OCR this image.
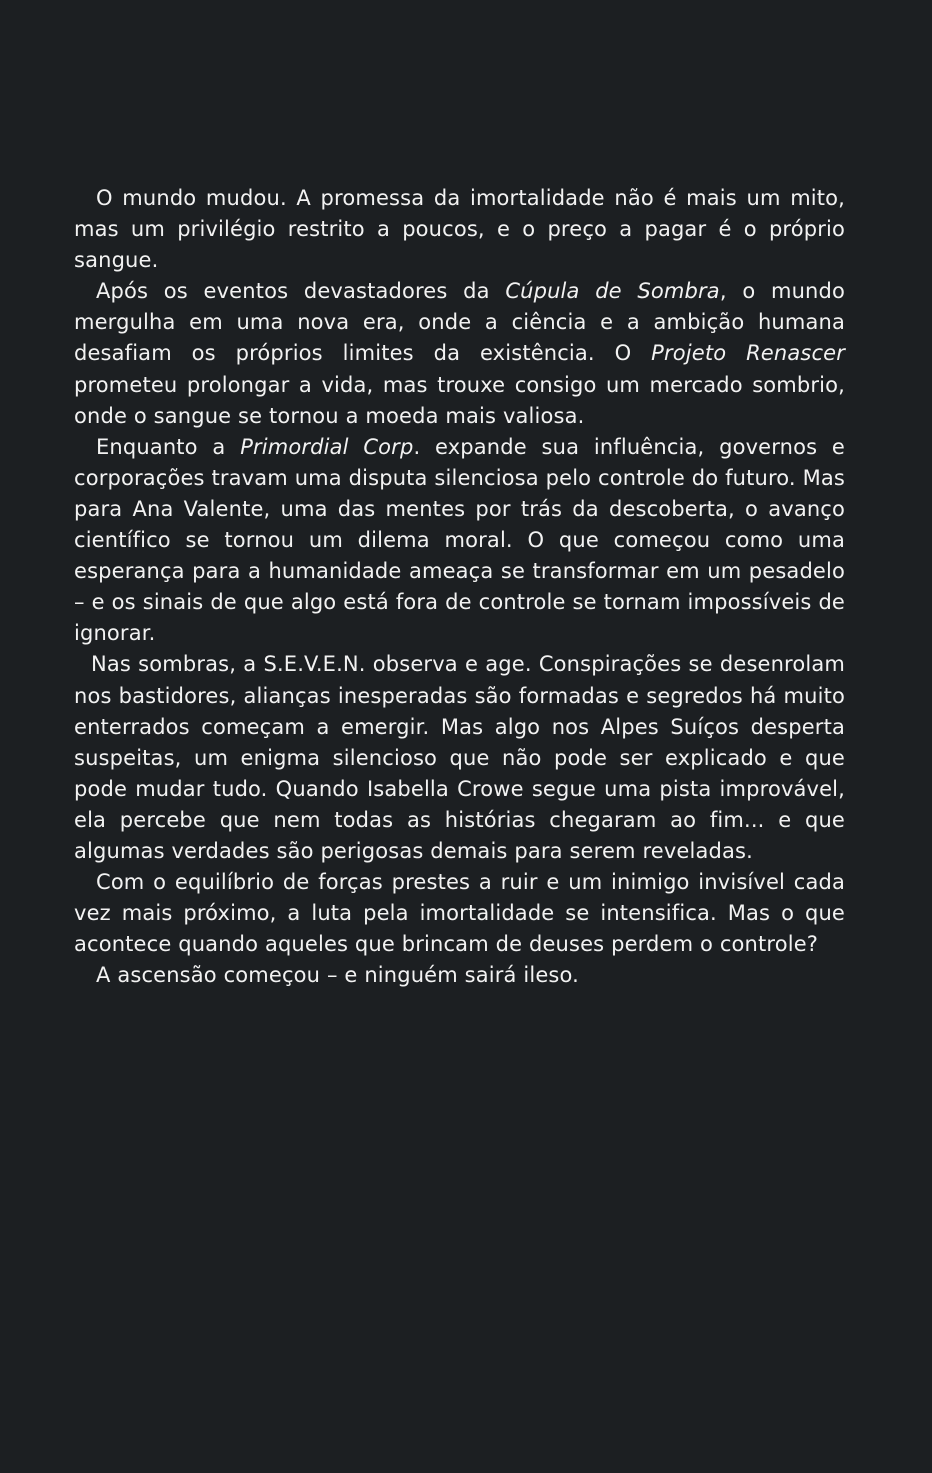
O mundo mudou. A promessa da imortalidade não é mais um mito, mas um privilégio restrito a poucos, e o preço a pagar é o próprio sangue.

Após os eventos devastadores da Cúpula de Sombra, o mundo mergulha em uma nova era, onde a ciência e a ambição humana desafiam os próprios limites da existência. O Projeto Renascer prometeu prolongar a vida, mas trouxe consigo um mercado sombrio, onde o sangue se tornou a moeda mais valiosa.

Enquanto a Primordial Corp. expande sua influência, governos e corporações travam uma disputa silenciosa pelo controle do futuro. Mas para Ana Valente, uma das mentes por trás da descoberta, o avanço científico se tornou um dilema moral. O que começou como uma esperança para a humanidade ameaça se transformar em um pesadelo – e os sinais de que algo está fora de controle se tornam impossíveis de ignorar.

Nas sombras, a S.E.V.E.N. observa e age. Conspirações se desenrolam nos bastidores, alianças inesperadas são formadas e segredos há muito enterrados começam a emergir. Mas algo nos Alpes Suíços desperta suspeitas, um enigma silencioso que não pode ser explicado e que pode mudar tudo. Quando Isabella Crowe segue uma pista improvável, ela percebe que nem todas as histórias chegaram ao fim... e que algumas verdades são perigosas demais para serem reveladas.

Com o equilíbrio de forças prestes a ruir e um inimigo invisível cada vez mais próximo, a luta pela imortalidade se intensifica. Mas o que acontece quando aqueles que brincam de deuses perdem o controle?

A ascensão começou – e ninguém sairá ileso.
